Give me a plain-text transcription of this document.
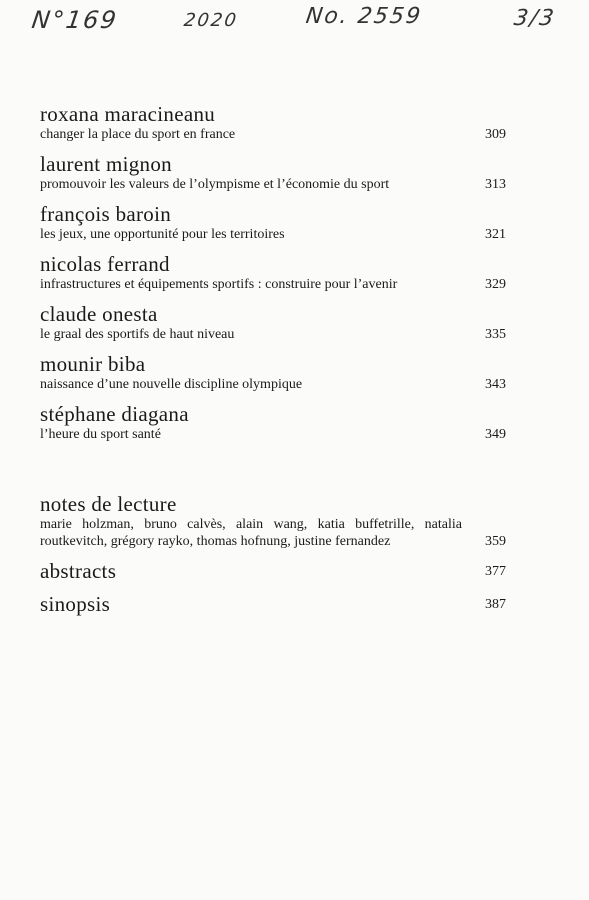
N°169	2020	No. 2559	3/3
roxana maracineanu
changer la place du sport en france	309
laurent mignon
promouvoir les valeurs de l’olympisme et l’économie du sport	313
françois baroin
les jeux, une opportunité pour les territoires	321
nicolas ferrand
infrastructures et équipements sportifs : construire pour l’avenir	329
claude onesta
le graal des sportifs de haut niveau	335
mounir biba
naissance d’une nouvelle discipline olympique	343
stéphane diagana
l’heure du sport santé	349
notes de lecture
marie holzman, bruno calvès, alain wang, katia buffetrille, natalia routkevitch, grégory rayko, thomas hofnung, justine fernandez	359
abstracts	377
sinopsis	387
